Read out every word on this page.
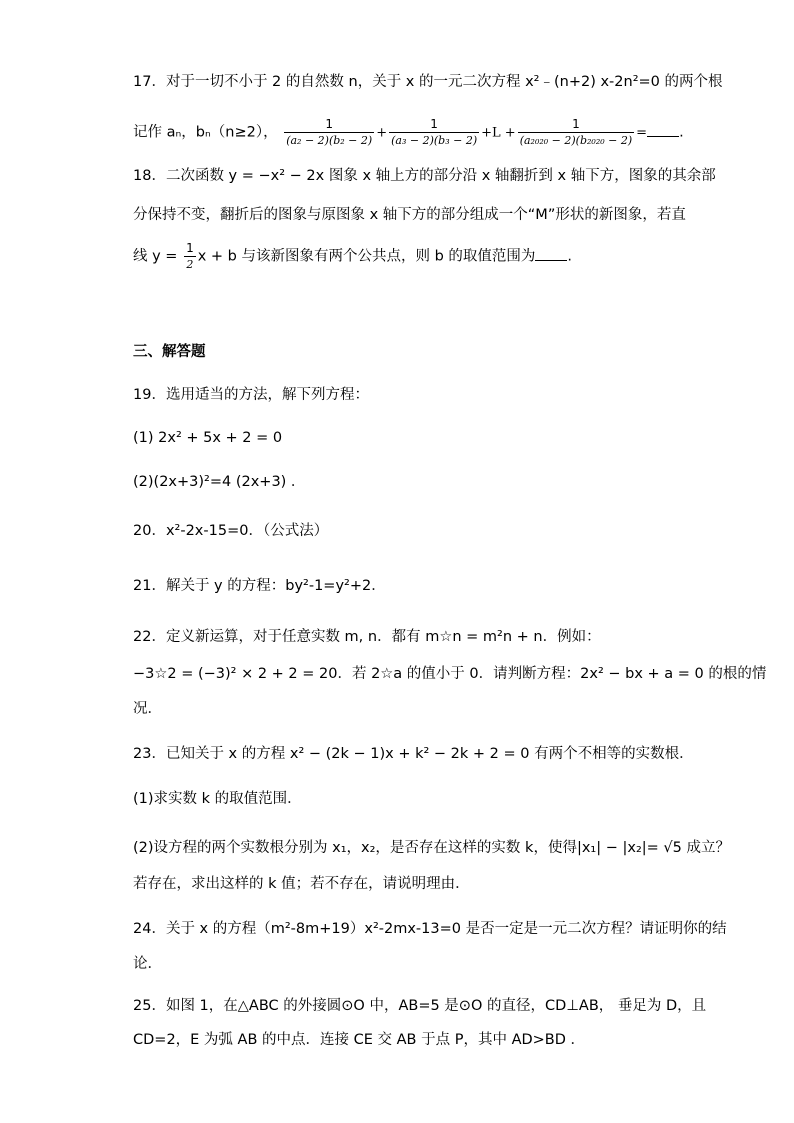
17．对于一切不小于 2 的自然数 n，关于 x 的一元二次方程 x²﹣(n+2) x-2n²=0 的两个根
记作 aₙ，bₙ（n≥2）， $\frac{1}{\text{(a₂ − 2)(b₂ − 2)}} + \frac{1}{\text{(a₃ − 2)(b₃ − 2)}} +L + \frac{1}{\text{(a₂₀₂₀ − 2)(b₂₀₂₀ − 2)}}$ = .
18．二次函数 y = −x² − 2x 图象 x 轴上方的部分沿 x 轴翻折到 x 轴下方，图象的其余部
分保持不变，翻折后的图象与原图象 x 轴下方的部分组成一个“M”形状的新图象，若直
线 $y = \frac{1}{2}$ x + b 与该新图象有两个公共点，则 b 的取值范围为 .
三、解答题
19．选用适当的方法，解下列方程：
(1) 2x² + 5x + 2 = 0
(2)(2x+3)²=4 (2x+3) ．
20．x²-2x-15=0．（公式法）
21．解关于 y 的方程：by²-1=y²+2．
22．定义新运算，对于任意实数 m, n．都有 m☆n = m²n + n．例如：
−3☆2 = (−3)² × 2 + 2 = 20．若 2☆a 的值小于 0．请判断方程：2x² − bx + a = 0 的根的情
况．
23．已知关于 x 的方程 x² − (2k − 1)x + k² − 2k + 2 = 0 有两个不相等的实数根．
(1)求实数 k 的取值范围．
(2)设方程的两个实数根分别为 x₁，x₂，是否存在这样的实数 k，使得|x₁| − |x₂|= √5 成立？
若存在，求出这样的 k 值；若不存在，请说明理由．
24．关于 x 的方程（m²-8m+19）x²-2mx-13=0 是否一定是一元二次方程？请证明你的结
论．
25．如图 1，在△ABC 的外接圆⊙O 中，AB=5 是⊙O 的直径，CD⊥AB， 垂足为 D，且
CD=2，E 为弧 AB 的中点．连接 CE 交 AB 于点 P，其中 AD>BD ．
